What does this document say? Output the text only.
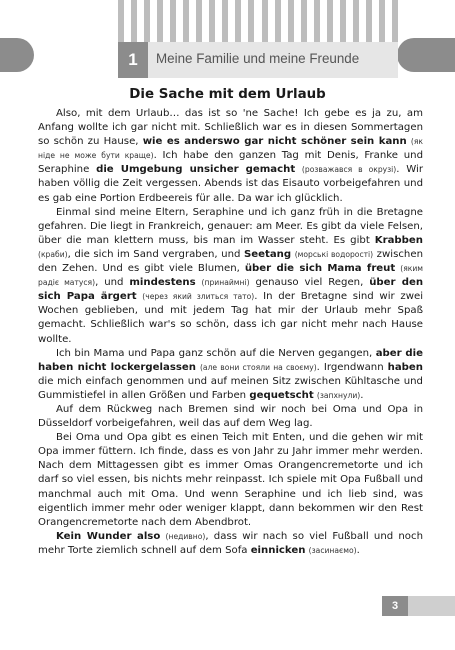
1	Meine Familie und meine Freunde
Die Sache mit dem Urlaub

Also, mit dem Urlaub… das ist so 'ne Sache! Ich gebe es ja zu, am Anfang wollte ich gar nicht mit. Schließlich war es in diesen Sommertagen so schön zu Hause, wie es anderswo gar nicht schöner sein kann (як ніде не може бути краще). Ich habe den ganzen Tag mit Denis, Franke und Seraphine die Umgebung unsicher gemacht (розважався в окрузі). Wir haben völlig die Zeit vergessen. Abends ist das Eisauto vorbeigefahren und es gab eine Portion Erdbeereis für alle. Da war ich glücklich.

Einmal sind meine Eltern, Seraphine und ich ganz früh in die Bretagne gefahren. Die liegt in Frankreich, genauer: am Meer. Es gibt da viele Felsen, über die man klettern muss, bis man im Wasser steht. Es gibt Krabben (краби), die sich im Sand vergraben, und Seetang (морські водорості) zwischen den Zehen. Und es gibt viele Blumen, über die sich Mama freut (яким радіє матуся), und mindestens (принаймні) genauso viel Regen, über den sich Papa ärgert (через який злиться тато). In der Bretagne sind wir zwei Wochen geblieben, und mit jedem Tag hat mir der Urlaub mehr Spaß gemacht. Schließlich war's so schön, dass ich gar nicht mehr nach Hause wollte.

Ich bin Mama und Papa ganz schön auf die Nerven gegangen, aber die haben nicht lockergelassen (але вони стояли на своєму). Irgendwann haben die mich einfach genommen und auf meinen Sitz zwischen Kühltasche und Gummistiefel in allen Größen und Farben gequetscht (запхнули).

Auf dem Rückweg nach Bremen sind wir noch bei Oma und Opa in Düsseldorf vorbeigefahren, weil das auf dem Weg lag.

Bei Oma und Opa gibt es einen Teich mit Enten, und die gehen wir mit Opa immer füttern. Ich finde, dass es von Jahr zu Jahr immer mehr werden. Nach dem Mittagessen gibt es immer Omas Orangencremetorte und ich darf so viel essen, bis nichts mehr reinpasst. Ich spiele mit Opa Fußball und manchmal auch mit Oma. Und wenn Seraphine und ich lieb sind, was eigentlich immer mehr oder weniger klappt, dann bekommen wir den Rest Orangencremetorte nach dem Abendbrot.

Kein Wunder also (недивно), dass wir nach so viel Fußball und noch mehr Torte ziemlich schnell auf dem Sofa einnicken (засинаємо).

3
